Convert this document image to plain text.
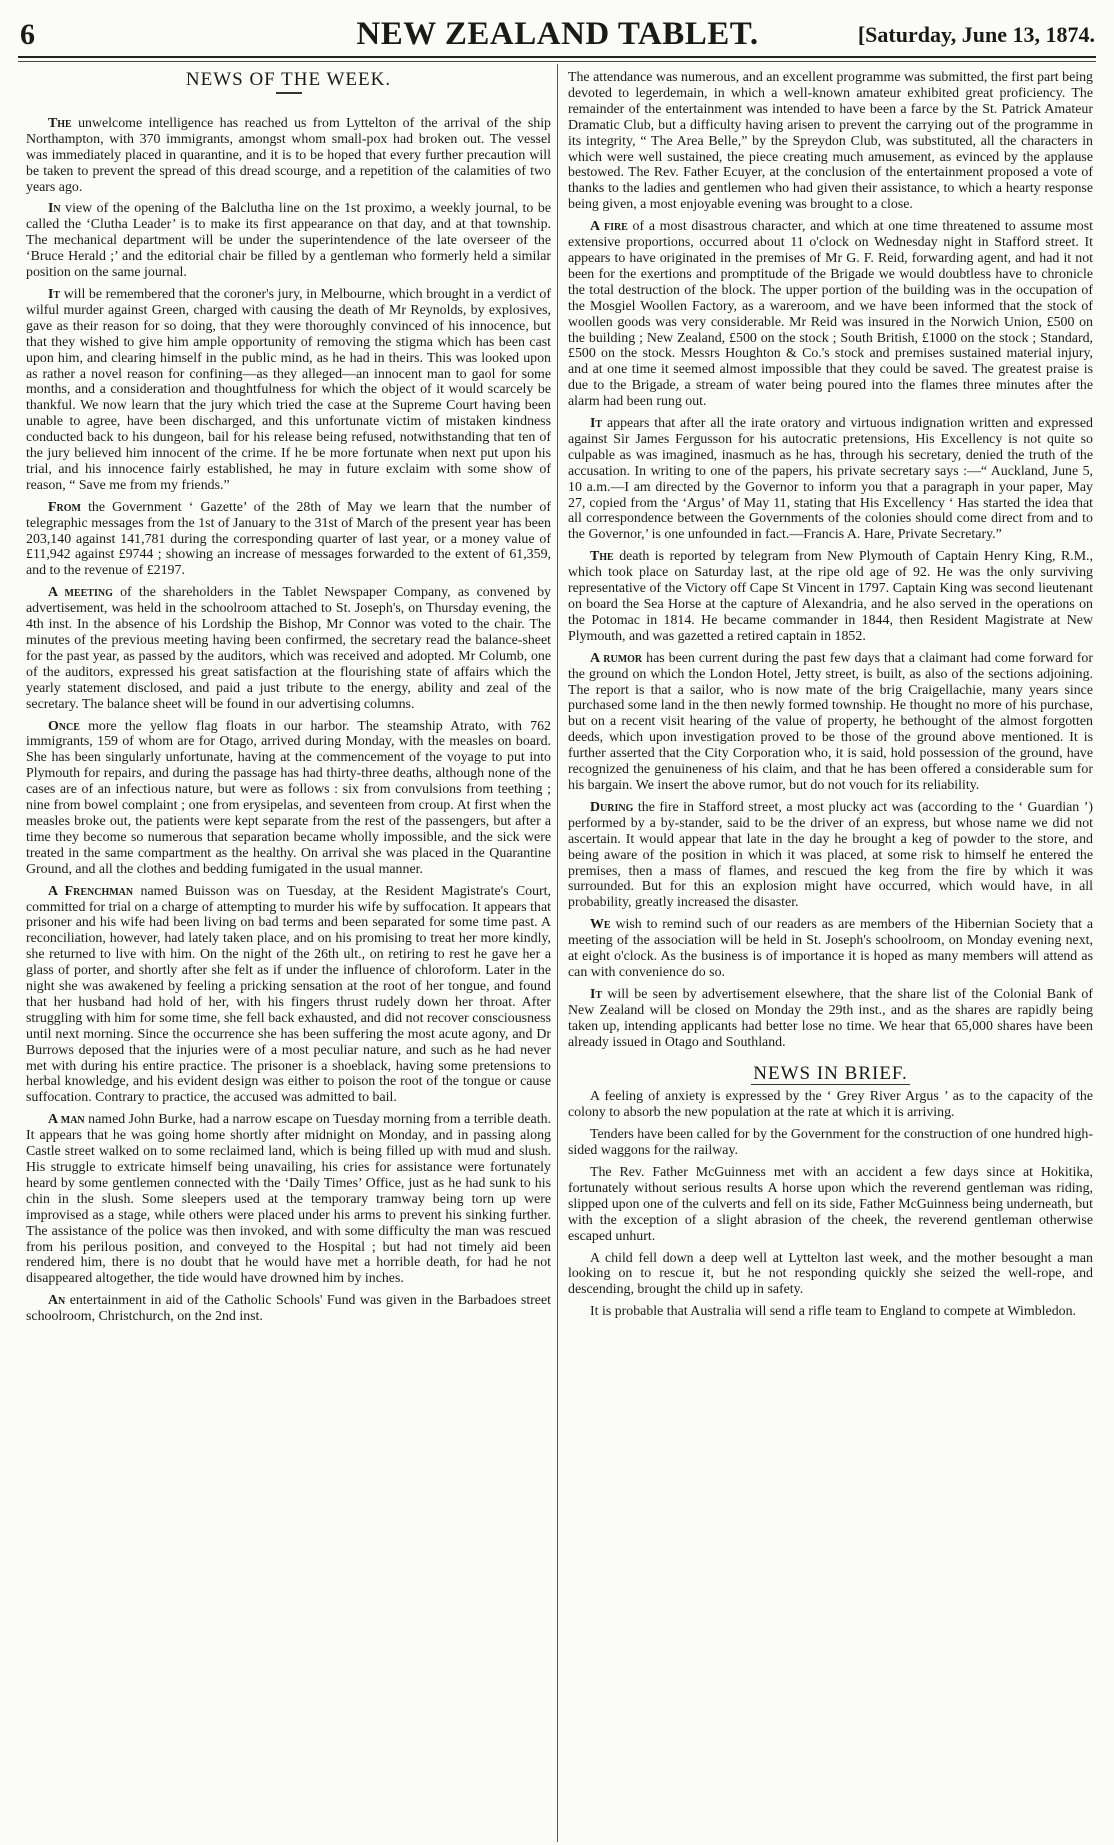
6	NEW ZEALAND TABLET.	[Saturday, June 13, 1874.
NEWS OF THE WEEK.

The unwelcome intelligence has reached us from Lyttelton of the arrival of the ship Northampton, with 370 immigrants, amongst whom small-pox had broken out. The vessel was immediately placed in quarantine, and it is to be hoped that every further precaution will be taken to prevent the spread of this dread scourge, and a repetition of the calamities of two years ago.

In view of the opening of the Balclutha line on the 1st proximo, a weekly journal, to be called the ‘Clutha Leader’ is to make its first appearance on that day, and at that township. The mechanical department will be under the superintendence of the late overseer of the ‘Bruce Herald ;’ and the editorial chair be filled by a gentleman who formerly held a similar position on the same journal.

It will be remembered that the coroner's jury, in Melbourne, which brought in a verdict of wilful murder against Green, charged with causing the death of Mr Reynolds, by explosives, gave as their reason for so doing, that they were thoroughly convinced of his innocence, but that they wished to give him ample opportunity of removing the stigma which has been cast upon him, and clearing himself in the public mind, as he had in theirs. This was looked upon as rather a novel reason for confining—as they alleged—an innocent man to gaol for some months, and a consideration and thoughtfulness for which the object of it would scarcely be thankful. We now learn that the jury which tried the case at the Supreme Court having been unable to agree, have been discharged, and this unfortunate victim of mistaken kindness conducted back to his dungeon, bail for his release being refused, notwithstanding that ten of the jury believed him innocent of the crime. If he be more fortunate when next put upon his trial, and his innocence fairly established, he may in future exclaim with some show of reason, “ Save me from my friends.”

From the Government ‘ Gazette’ of the 28th of May we learn that the number of telegraphic messages from the 1st of January to the 31st of March of the present year has been 203,140 against 141,781 during the corresponding quarter of last year, or a money value of £11,942 against £9744 ; showing an increase of messages forwarded to the extent of 61,359, and to the revenue of £2197.

A meeting of the shareholders in the Tablet Newspaper Company, as convened by advertisement, was held in the schoolroom attached to St. Joseph's, on Thursday evening, the 4th inst. In the absence of his Lordship the Bishop, Mr Connor was voted to the chair. The minutes of the previous meeting having been confirmed, the secretary read the balance-sheet for the past year, as passed by the auditors, which was received and adopted. Mr Columb, one of the auditors, expressed his great satisfaction at the flourishing state of affairs which the yearly statement disclosed, and paid a just tribute to the energy, ability and zeal of the secretary. The balance sheet will be found in our advertising columns.

Once more the yellow flag floats in our harbor. The steamship Atrato, with 762 immigrants, 159 of whom are for Otago, arrived during Monday, with the measles on board. She has been singularly unfortunate, having at the commencement of the voyage to put into Plymouth for repairs, and during the passage has had thirty-three deaths, although none of the cases are of an infectious nature, but were as follows : six from convulsions from teething ; nine from bowel complaint ; one from erysipelas, and seventeen from croup. At first when the measles broke out, the patients were kept separate from the rest of the passengers, but after a time they become so numerous that separation became wholly impossible, and the sick were treated in the same compartment as the healthy. On arrival she was placed in the Quarantine Ground, and all the clothes and bedding fumigated in the usual manner.

A Frenchman named Buisson was on Tuesday, at the Resident Magistrate's Court, committed for trial on a charge of attempting to murder his wife by suffocation. It appears that prisoner and his wife had been living on bad terms and been separated for some time past. A reconciliation, however, had lately taken place, and on his promising to treat her more kindly, she returned to live with him. On the night of the 26th ult., on retiring to rest he gave her a glass of porter, and shortly after she felt as if under the influence of chloroform. Later in the night she was awakened by feeling a pricking sensation at the root of her tongue, and found that her husband had hold of her, with his fingers thrust rudely down her throat. After struggling with him for some time, she fell back exhausted, and did not recover consciousness until next morning. Since the occurrence she has been suffering the most acute agony, and Dr Burrows deposed that the injuries were of a most peculiar nature, and such as he had never met with during his entire practice. The prisoner is a shoeblack, having some pretensions to herbal knowledge, and his evident design was either to poison the root of the tongue or cause suffocation. Contrary to practice, the accused was admitted to bail.

A man named John Burke, had a narrow escape on Tuesday morning from a terrible death. It appears that he was going home shortly after midnight on Monday, and in passing along Castle street walked on to some reclaimed land, which is being filled up with mud and slush. His struggle to extricate himself being unavailing, his cries for assistance were fortunately heard by some gentlemen connected with the ‘Daily Times’ Office, just as he had sunk to his chin in the slush. Some sleepers used at the temporary tramway being torn up were improvised as a stage, while others were placed under his arms to prevent his sinking further. The assistance of the police was then invoked, and with some difficulty the man was rescued from his perilous position, and conveyed to the Hospital ; but had not timely aid been rendered him, there is no doubt that he would have met a horrible death, for had he not disappeared altogether, the tide would have drowned him by inches.

An entertainment in aid of the Catholic Schools' Fund was given in the Barbadoes street schoolroom, Christchurch, on the 2nd inst.

The attendance was numerous, and an excellent programme was submitted, the first part being devoted to legerdemain, in which a well-known amateur exhibited great proficiency. The remainder of the entertainment was intended to have been a farce by the St. Patrick Amateur Dramatic Club, but a difficulty having arisen to prevent the carrying out of the programme in its integrity, “ The Area Belle,” by the Spreydon Club, was substituted, all the characters in which were well sustained, the piece creating much amusement, as evinced by the applause bestowed. The Rev. Father Ecuyer, at the conclusion of the entertainment proposed a vote of thanks to the ladies and gentlemen who had given their assistance, to which a hearty response being given, a most enjoyable evening was brought to a close.

A fire of a most disastrous character, and which at one time threatened to assume most extensive proportions, occurred about 11 o'clock on Wednesday night in Stafford street. It appears to have originated in the premises of Mr G. F. Reid, forwarding agent, and had it not been for the exertions and promptitude of the Brigade we would doubtless have to chronicle the total destruction of the block. The upper portion of the building was in the occupation of the Mosgiel Woollen Factory, as a wareroom, and we have been informed that the stock of woollen goods was very considerable. Mr Reid was insured in the Norwich Union, £500 on the building ; New Zealand, £500 on the stock ; South British, £1000 on the stock ; Standard, £500 on the stock. Messrs Houghton & Co.'s stock and premises sustained material injury, and at one time it seemed almost impossible that they could be saved. The greatest praise is due to the Brigade, a stream of water being poured into the flames three minutes after the alarm had been rung out.

It appears that after all the irate oratory and virtuous indignation written and expressed against Sir James Fergusson for his autocratic pretensions, His Excellency is not quite so culpable as was imagined, inasmuch as he has, through his secretary, denied the truth of the accusation. In writing to one of the papers, his private secretary says :—“ Auckland, June 5, 10 a.m.—I am directed by the Governor to inform you that a paragraph in your paper, May 27, copied from the ‘Argus’ of May 11, stating that His Excellency ‘ Has started the idea that all correspondence between the Governments of the colonies should come direct from and to the Governor,’ is one unfounded in fact.—Francis A. Hare, Private Secretary.”

The death is reported by telegram from New Plymouth of Captain Henry King, R.M., which took place on Saturday last, at the ripe old age of 92. He was the only surviving representative of the Victory off Cape St Vincent in 1797. Captain King was second lieutenant on board the Sea Horse at the capture of Alexandria, and he also served in the operations on the Potomac in 1814. He became commander in 1844, then Resident Magistrate at New Plymouth, and was gazetted a retired captain in 1852.

A rumor has been current during the past few days that a claimant had come forward for the ground on which the London Hotel, Jetty street, is built, as also of the sections adjoining. The report is that a sailor, who is now mate of the brig Craigellachie, many years since purchased some land in the then newly formed township. He thought no more of his purchase, but on a recent visit hearing of the value of property, he bethought of the almost forgotten deeds, which upon investigation proved to be those of the ground above mentioned. It is further asserted that the City Corporation who, it is said, hold possession of the ground, have recognized the genuineness of his claim, and that he has been offered a considerable sum for his bargain. We insert the above rumor, but do not vouch for its reliability.

During the fire in Stafford street, a most plucky act was (according to the ‘ Guardian ’) performed by a by-stander, said to be the driver of an express, but whose name we did not ascertain. It would appear that late in the day he brought a keg of powder to the store, and being aware of the position in which it was placed, at some risk to himself he entered the premises, then a mass of flames, and rescued the keg from the fire by which it was surrounded. But for this an explosion might have occurred, which would have, in all probability, greatly increased the disaster.

We wish to remind such of our readers as are members of the Hibernian Society that a meeting of the association will be held in St. Joseph's schoolroom, on Monday evening next, at eight o'clock. As the business is of importance it is hoped as many members will attend as can with convenience do so.

It will be seen by advertisement elsewhere, that the share list of the Colonial Bank of New Zealand will be closed on Monday the 29th inst., and as the shares are rapidly being taken up, intending applicants had better lose no time. We hear that 65,000 shares have been already issued in Otago and Southland.

NEWS IN BRIEF.

A feeling of anxiety is expressed by the ‘ Grey River Argus ’ as to the capacity of the colony to absorb the new population at the rate at which it is arriving.

Tenders have been called for by the Government for the construction of one hundred high-sided waggons for the railway.

The Rev. Father McGuinness met with an accident a few days since at Hokitika, fortunately without serious results A horse upon which the reverend gentleman was riding, slipped upon one of the culverts and fell on its side, Father McGuinness being underneath, but with the exception of a slight abrasion of the cheek, the reverend gentleman otherwise escaped unhurt.

A child fell down a deep well at Lyttelton last week, and the mother besought a man looking on to rescue it, but he not responding quickly she seized the well-rope, and descending, brought the child up in safety.

It is probable that Australia will send a rifle team to England to compete at Wimbledon.
